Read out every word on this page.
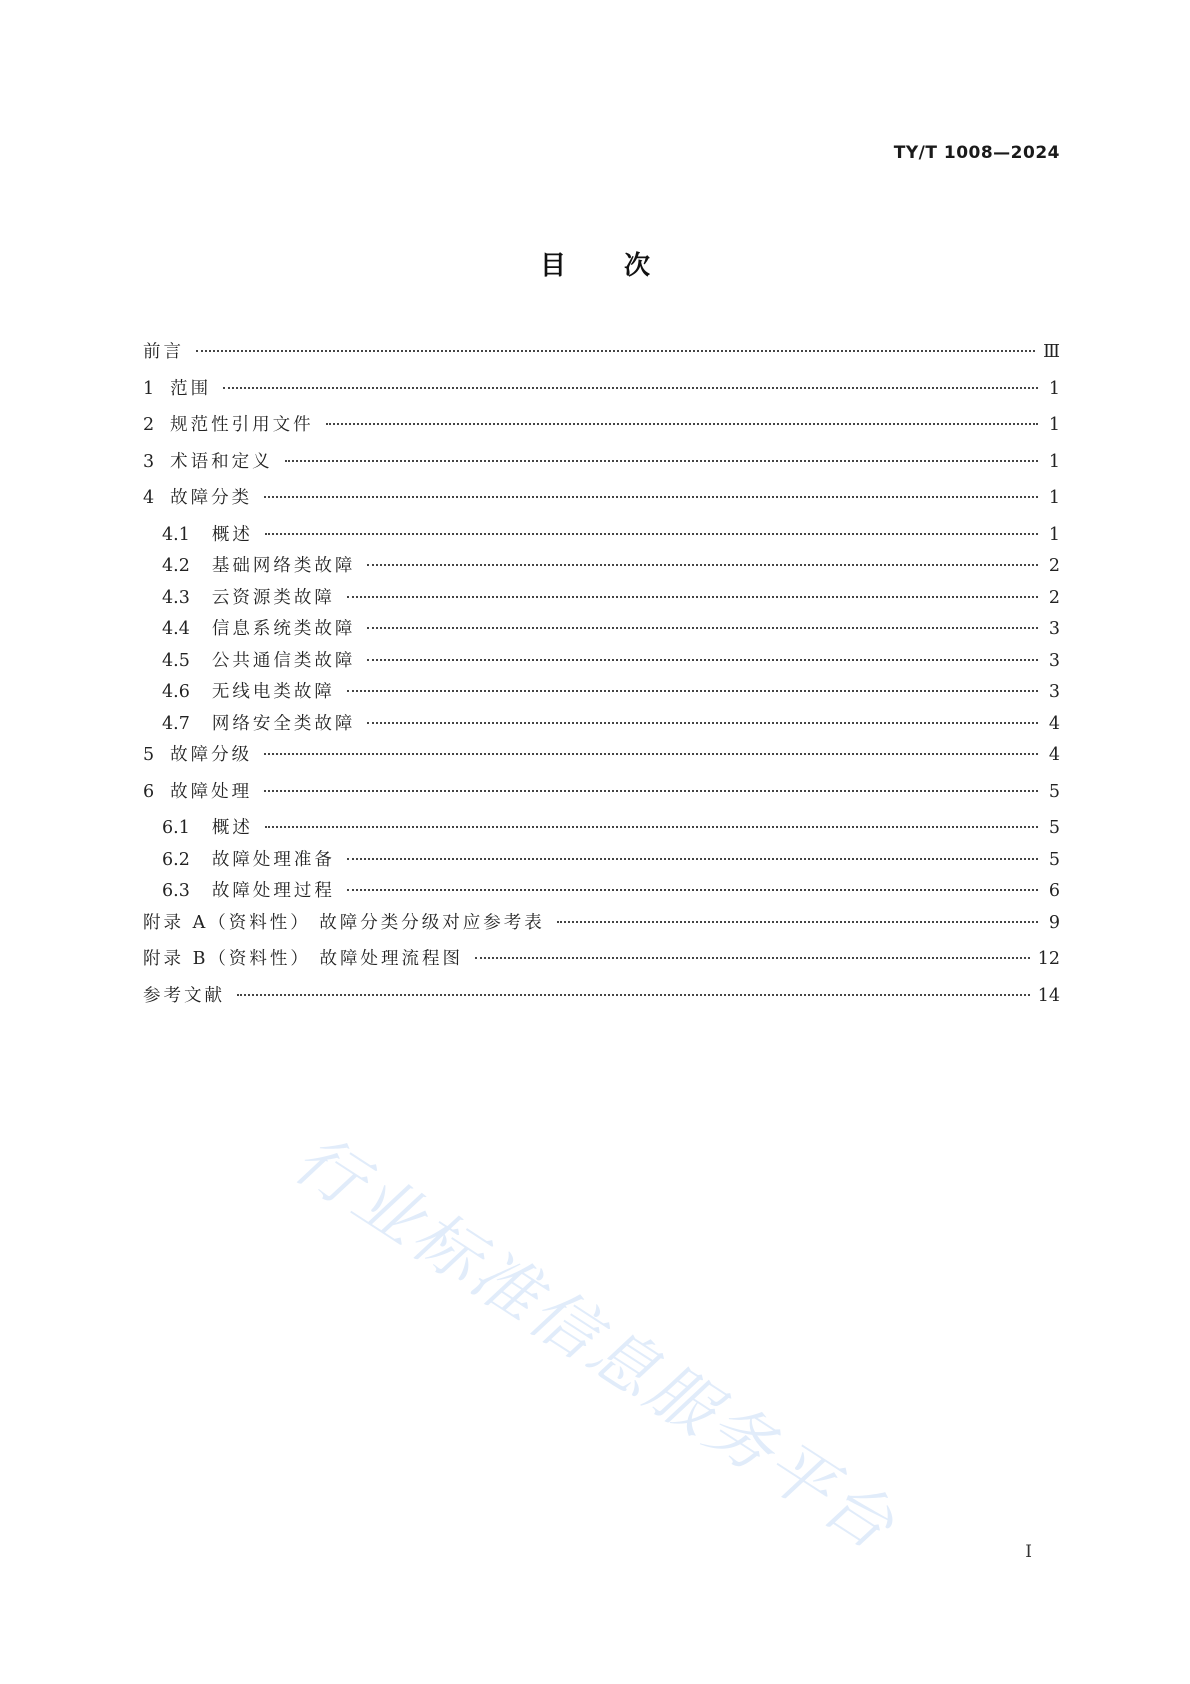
TY/T 1008—2024
目次
前言	Ⅲ
1 范围	1
2 规范性引用文件	1
3 术语和定义	1
4 故障分类	1
4.1 概述	1
4.2 基础网络类故障	2
4.3 云资源类故障	2
4.4 信息系统类故障	3
4.5 公共通信类故障	3
4.6 无线电类故障	3
4.7 网络安全类故障	4
5 故障分级	4
6 故障处理	5
6.1 概述	5
6.2 故障处理准备	5
6.3 故障处理过程	6
附录 A（资料性） 故障分类分级对应参考表	9
附录 B（资料性） 故障处理流程图	12
参考文献	14
I
行业标准信息服务平台
